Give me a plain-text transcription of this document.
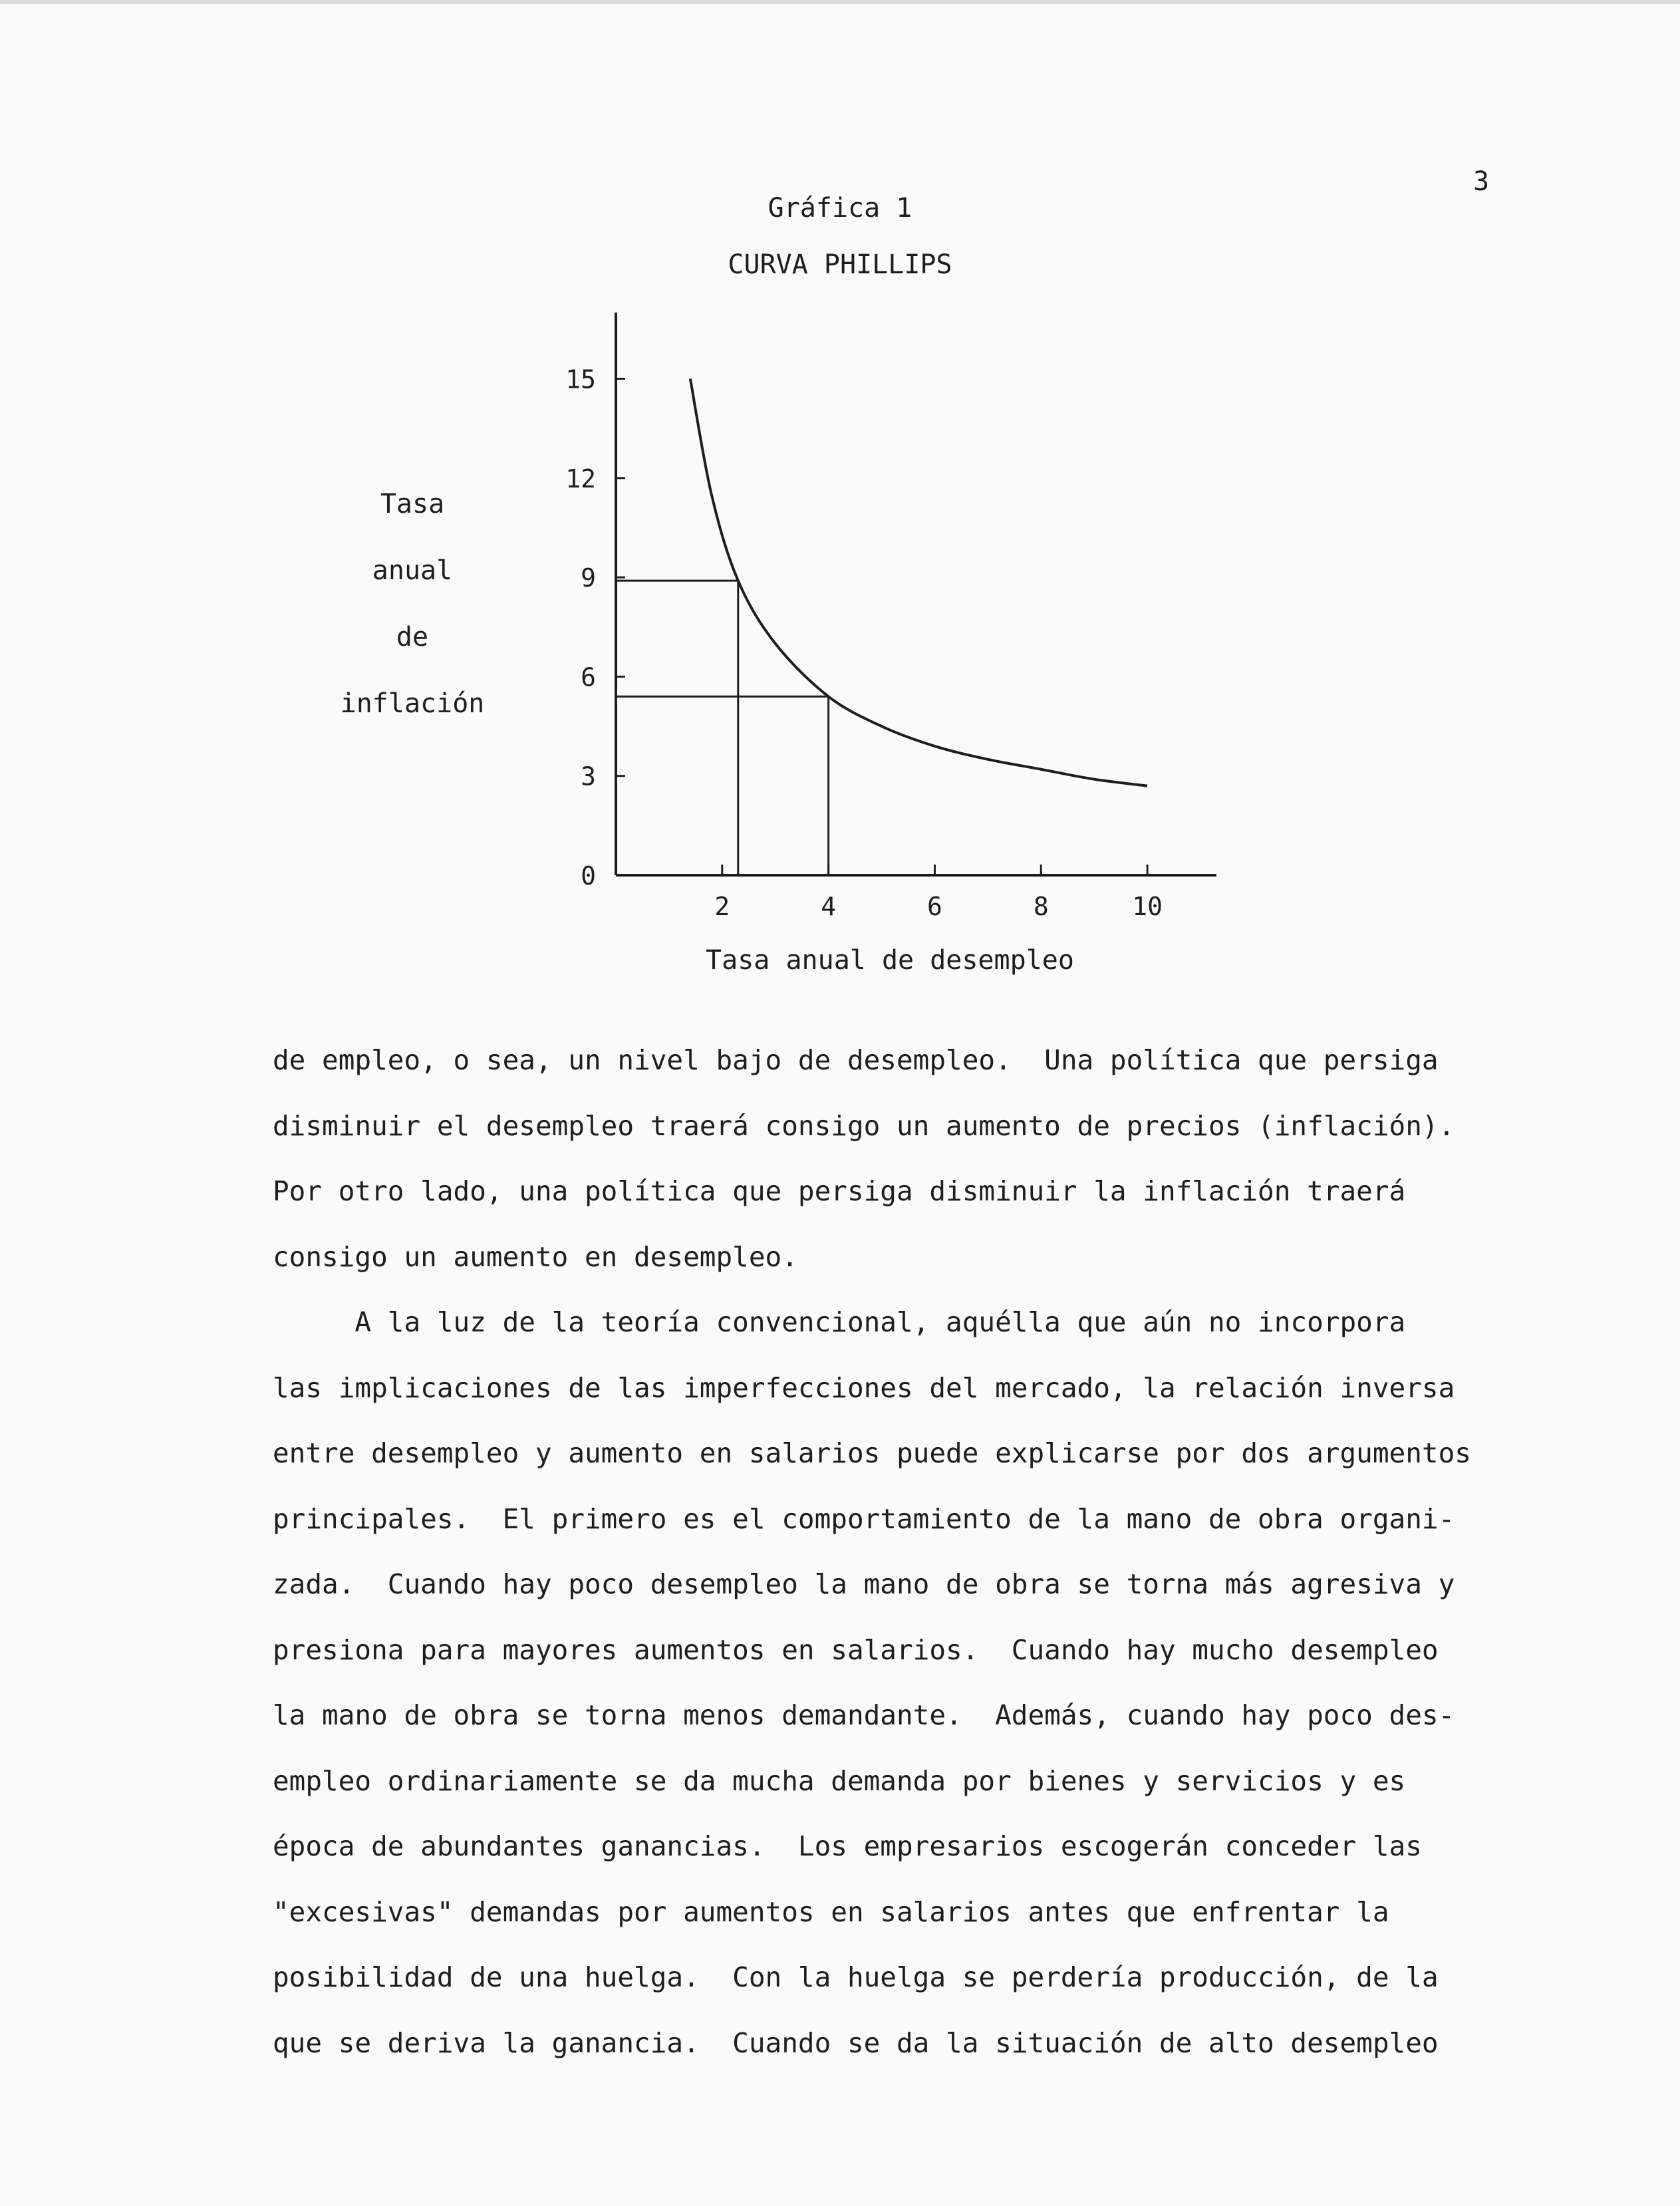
3
Gráfica 1
CURVA PHILLIPS
Tasa
anual
de
inflación
0
3
6
9
12
15
2	4	6	8	10
Tasa anual de desempleo
de empleo, o sea, un nivel bajo de desempleo.  Una política que persiga
disminuir el desempleo traerá consigo un aumento de precios (inflación).
Por otro lado, una política que persiga disminuir la inflación traerá
consigo un aumento en desempleo.
A la luz de la teoría convencional, aquélla que aún no incorpora
las implicaciones de las imperfecciones del mercado, la relación inversa
entre desempleo y aumento en salarios puede explicarse por dos argumentos
principales.  El primero es el comportamiento de la mano de obra organi-
zada.  Cuando hay poco desempleo la mano de obra se torna más agresiva y
presiona para mayores aumentos en salarios.  Cuando hay mucho desempleo
la mano de obra se torna menos demandante.  Además, cuando hay poco des-
empleo ordinariamente se da mucha demanda por bienes y servicios y es
época de abundantes ganancias.  Los empresarios escogerán conceder las
"excesivas" demandas por aumentos en salarios antes que enfrentar la
posibilidad de una huelga.  Con la huelga se perdería producción, de la
que se deriva la ganancia.  Cuando se da la situación de alto desempleo
